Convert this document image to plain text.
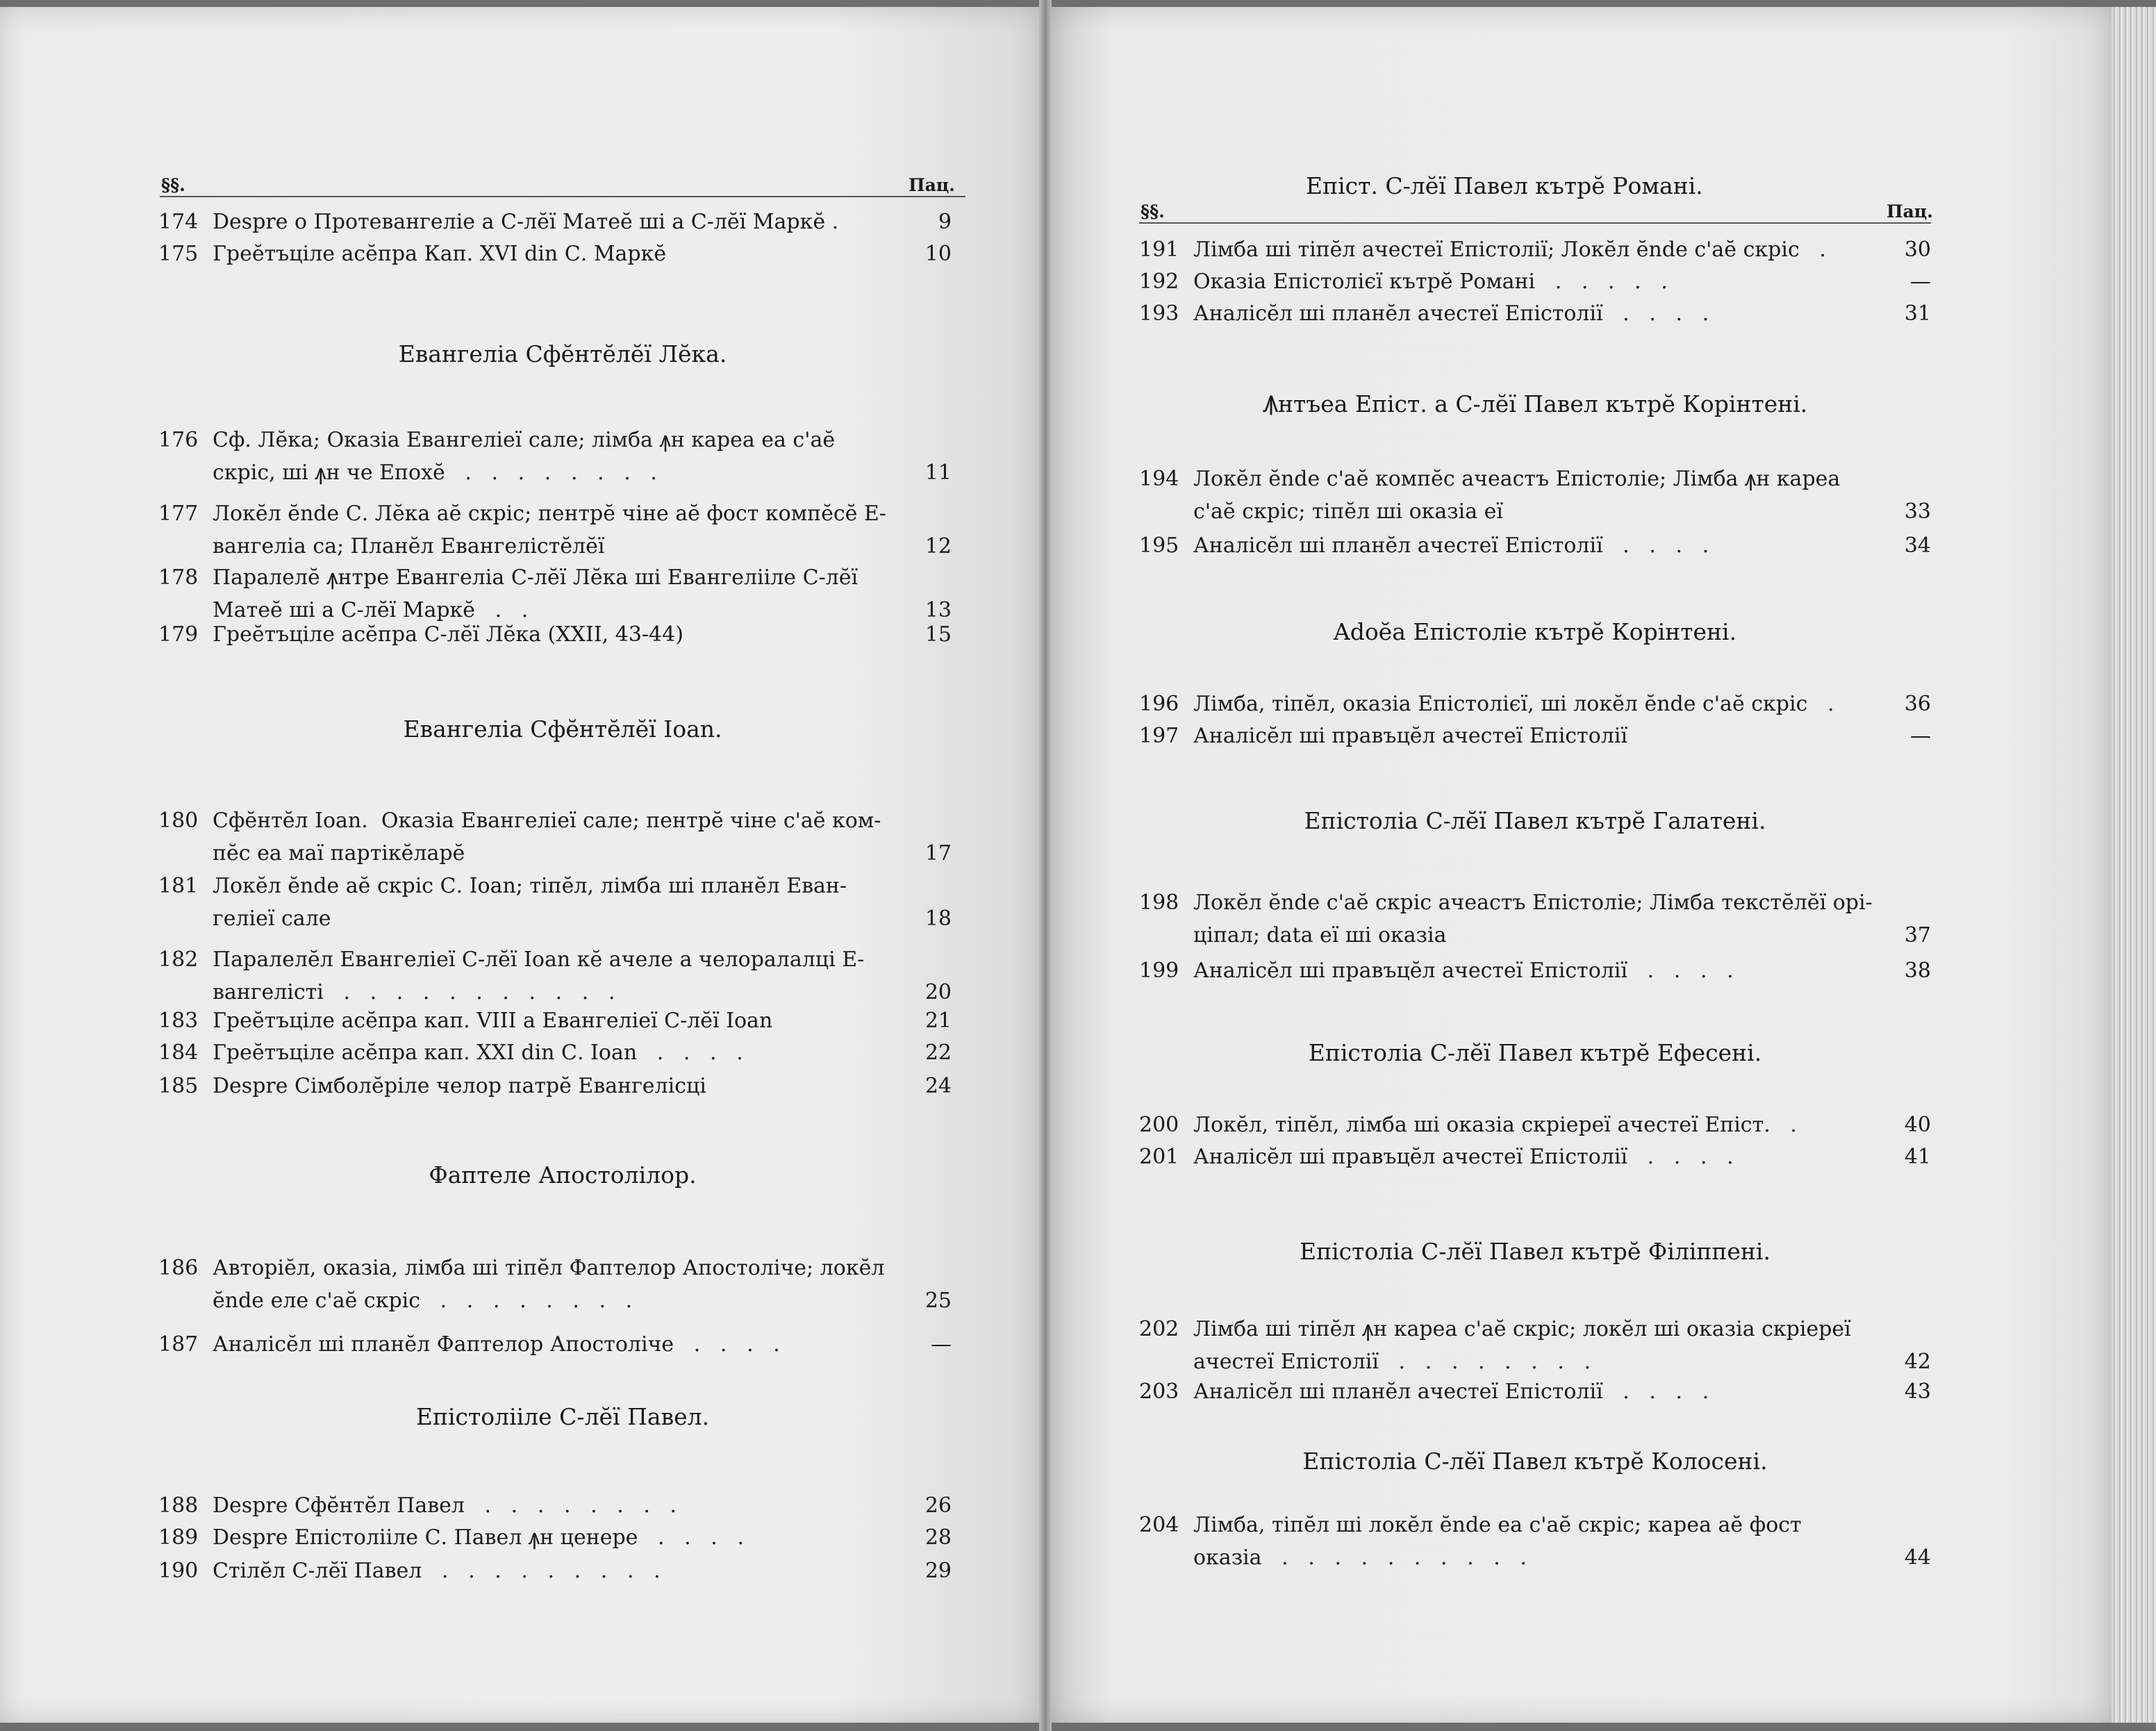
§§.	Пац.	Епіст. С-лӗї Павел кътрӗ Романі.
§§.	Пац.
174 Despre o Протевангеліе а С-лӗї Матеӗ ші а С-лӗї Маркӗ .	9
175 Грeӗтъціле асӗпра Кап. XVI din С. Маркӗ	10
Евангеліа Сфӗнтӗлӗї Лӗка.
176 Сф. Лӗка; Оказіа Евангеліеї сале; лімба ꙟн кареа еа с'аӗ
скріс, ші ꙟн че Епохӗ   .   .   .   .   .   .   .   .	11
177 Локӗл ӗnde С. Лӗка аӗ скріс; пентрӗ чіне аӗ фост компӗсӗ Е-
вангеліа са; Планӗл Евангелістӗлӗї	12
178 Паралелӗ ꙟнтре Евангеліа С-лӗї Лӗка ші Евангелііле С-лӗї
Матеӗ ші а С-лӗї Маркӗ   .   .	13
179 Грeӗтъціле асӗпра С-лӗї Лӗка (XXII, 43-44)	15
Евангеліа Сфӗнтӗлӗї Іоаn.
180 Сфӗнтӗл Іоаn.  Оказіа Евангеліеї сале; пентрӗ чіне с'аӗ ком-
пӗс еа маї партікӗларӗ	17
181 Локӗл ӗnde аӗ скріс С. Іоаn; тіпӗл, лімба ші планӗл Еван-
геліеї сале	18
182 Паралелӗл Евангеліеї С-лӗї Іоаn кӗ ачеле а челоралалці Е-
вангелісті   .   .   .   .   .   .   .   .   .   .   .	20
183 Грeӗтъціле асӗпра кап. VIII а Евангеліеї С-лӗї Іоаn	21
184 Грeӗтъціле асӗпра кап. XXI din С. Іоаn   .   .   .   .	22
185 Despre Сімболӗріле челор патрӗ Евангелісці	24
Фаптеле Апостолілор.
186 Авторіӗл, оказіа, лімба ші тіпӗл Фаптелор Апостоліче; локӗл
ӗnde еле с'аӗ скріс   .   .   .   .   .   .   .   .	25
187 Аналісӗл ші планӗл Фаптелор Апостоліче   .   .   .   .	—
Епістолііле С-лӗї Павел.
188 Despre Сфӗнтӗл Павел   .   .   .   .   .   .   .   .	26
189 Despre Епістолііле С. Павел ꙟн ценере   .   .   .   .	28
190 Стілӗл С-лӗї Павел   .   .   .   .   .   .   .   .   .	29
191 Лімба ші тіпӗл ачестеї Епістолії; Локӗл ӗnde с'аӗ скріс   .	30
192 Оказіа Епістолієї кътрӗ Романі   .   .   .   .   .	—
193 Аналісӗл ші планӗл ачестеї Епістолії   .   .   .   .	31
Ꙟнтъеа Епіст. а С-лӗї Павел кътрӗ Корінтені.
194 Локӗл ӗnde с'аӗ компӗс ачеастъ Епістоліе; Лімба ꙟн кареа
с'аӗ скріс; тіпӗл ші оказіа еї	33
195 Аналісӗл ші планӗл ачестеї Епістолії   .   .   .   .	34
Adoӗa Епістоліе кътрӗ Корінтені.
196 Лімба, тіпӗл, оказіа Епістолієї, ші локӗл ӗnde с'аӗ скріс   .	36
197 Аналісӗл ші правъцӗл ачестеї Епістолії	—
Епістоліа С-лӗї Павел кътрӗ Галатені.
198 Локӗл ӗnde с'аӗ скріс ачеастъ Епістоліе; Лімба текстӗлӗї орі-
ціпал; data еї ші оказіа	37
199 Аналісӗл ші правъцӗл ачестеї Епістолії   .   .   .   .	38
Епістоліа С-лӗї Павел кътрӗ Ефесені.
200 Локӗл, тіпӗл, лімба ші оказіа скріереї ачестеї Епіст.   .	40
201 Аналісӗл ші правъцӗл ачестеї Епістолії   .   .   .   .	41
Епістоліа С-лӗї Павел кътрӗ Філіппені.
202 Лімба ші тіпӗл ꙟн кареа с'аӗ скріс; локӗл ші оказіа скріереї
ачестеї Епістолії   .   .   .   .   .   .   .   .	42
203 Аналісӗл ші планӗл ачестеї Епістолії   .   .   .   .	43
Епістоліа С-лӗї Павел кътрӗ Колосені.
204 Лімба, тіпӗл ші локӗл ӗnde еа с'аӗ скріс; кареа аӗ фост
оказіа   .   .   .   .   .   .   .   .   .   .	44
